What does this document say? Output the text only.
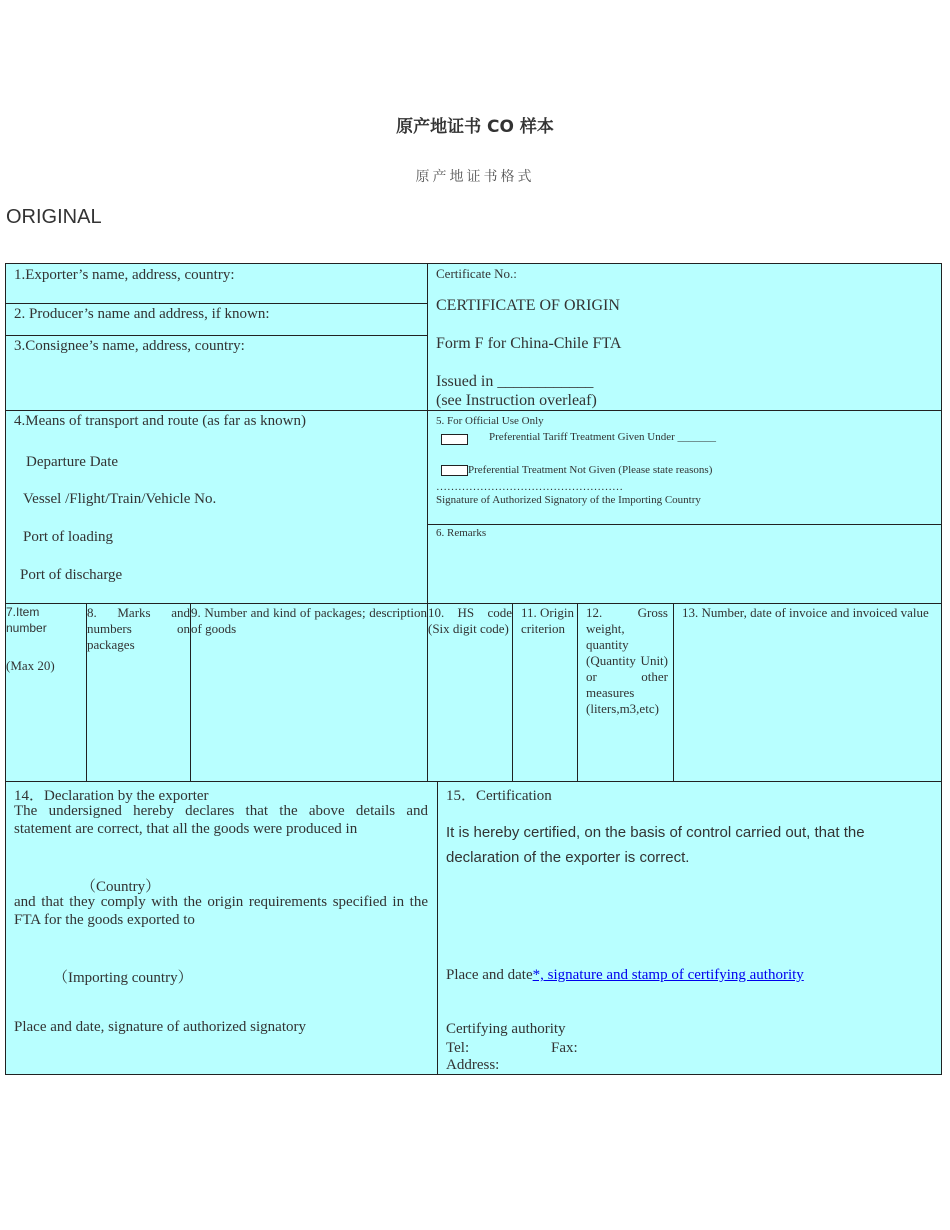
原产地证书 CO 样本
原产地证书格式
ORIGINAL
1.Exporter’s name, address, country:
2. Producer’s name and address, if known:
3.Consignee’s name, address, country:
Certificate No.:
CERTIFICATE OF ORIGIN
Form F for China-Chile FTA
Issued in ____________
(see Instruction overleaf)
4.Means of transport and route (as far as known)
Departure Date
Vessel /Flight/Train/Vehicle No.
Port of loading
Port of discharge
5. For Official Use Only
Preferential Tariff Treatment Given Under _______
Preferential Treatment Not Given (Please state reasons)
……………………………………………
Signature of Authorized Signatory of the Importing Country
6. Remarks
7.Item
number
(Max 20)
8. Marks and numbers on packages
9. Number and kind of packages; description of goods
10. HS code (Six digit code)
11. Origin criterion
12. Gross weight, quantity (Quantity Unit) or other measures (liters,m3,etc)
13. Number, date of invoice and invoiced value
14．Declaration by the exporter
The undersigned hereby declares that the above details and statement are correct, that all the goods were produced in
（Country）
and that they comply with the origin requirements specified in the FTA for the goods exported to
（Importing country）
Place and date, signature of authorized signatory
15．Certification
It is hereby certified, on the basis of control carried out, that the declaration of the exporter is correct.
Place and date*, signature and stamp of certifying authority
Certifying authority
Tel:	Fax:
Address:
